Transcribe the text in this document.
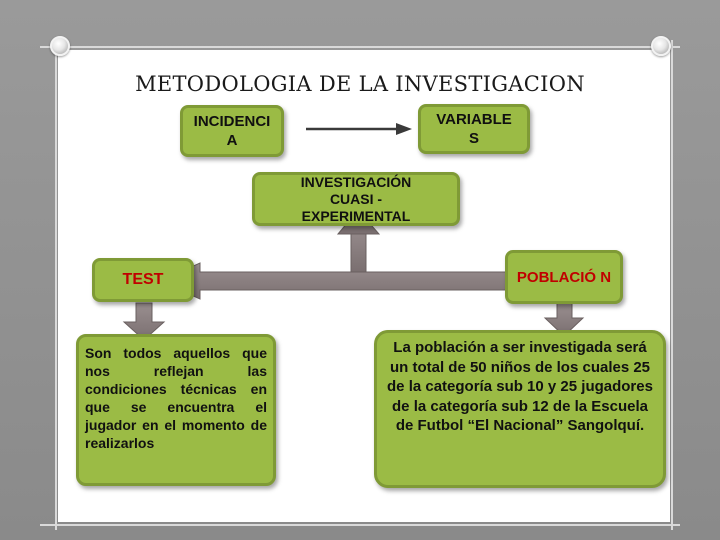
METODOLOGIA DE LA INVESTIGACION
INCIDENCI A
VARIABLE S
INVESTIGACIÓN CUASI - EXPERIMENTAL
TEST	POBLACIÓ N
Son todos aquellos que nos reflejan las condiciones técnicas en que se encuentra el jugador en el momento de realizarlos
La población a ser investigada será un total de 50 niños de los cuales 25 de la categoría sub 10 y 25 jugadores de la categoría sub 12 de la Escuela de Futbol “El Nacional” Sangolquí.
